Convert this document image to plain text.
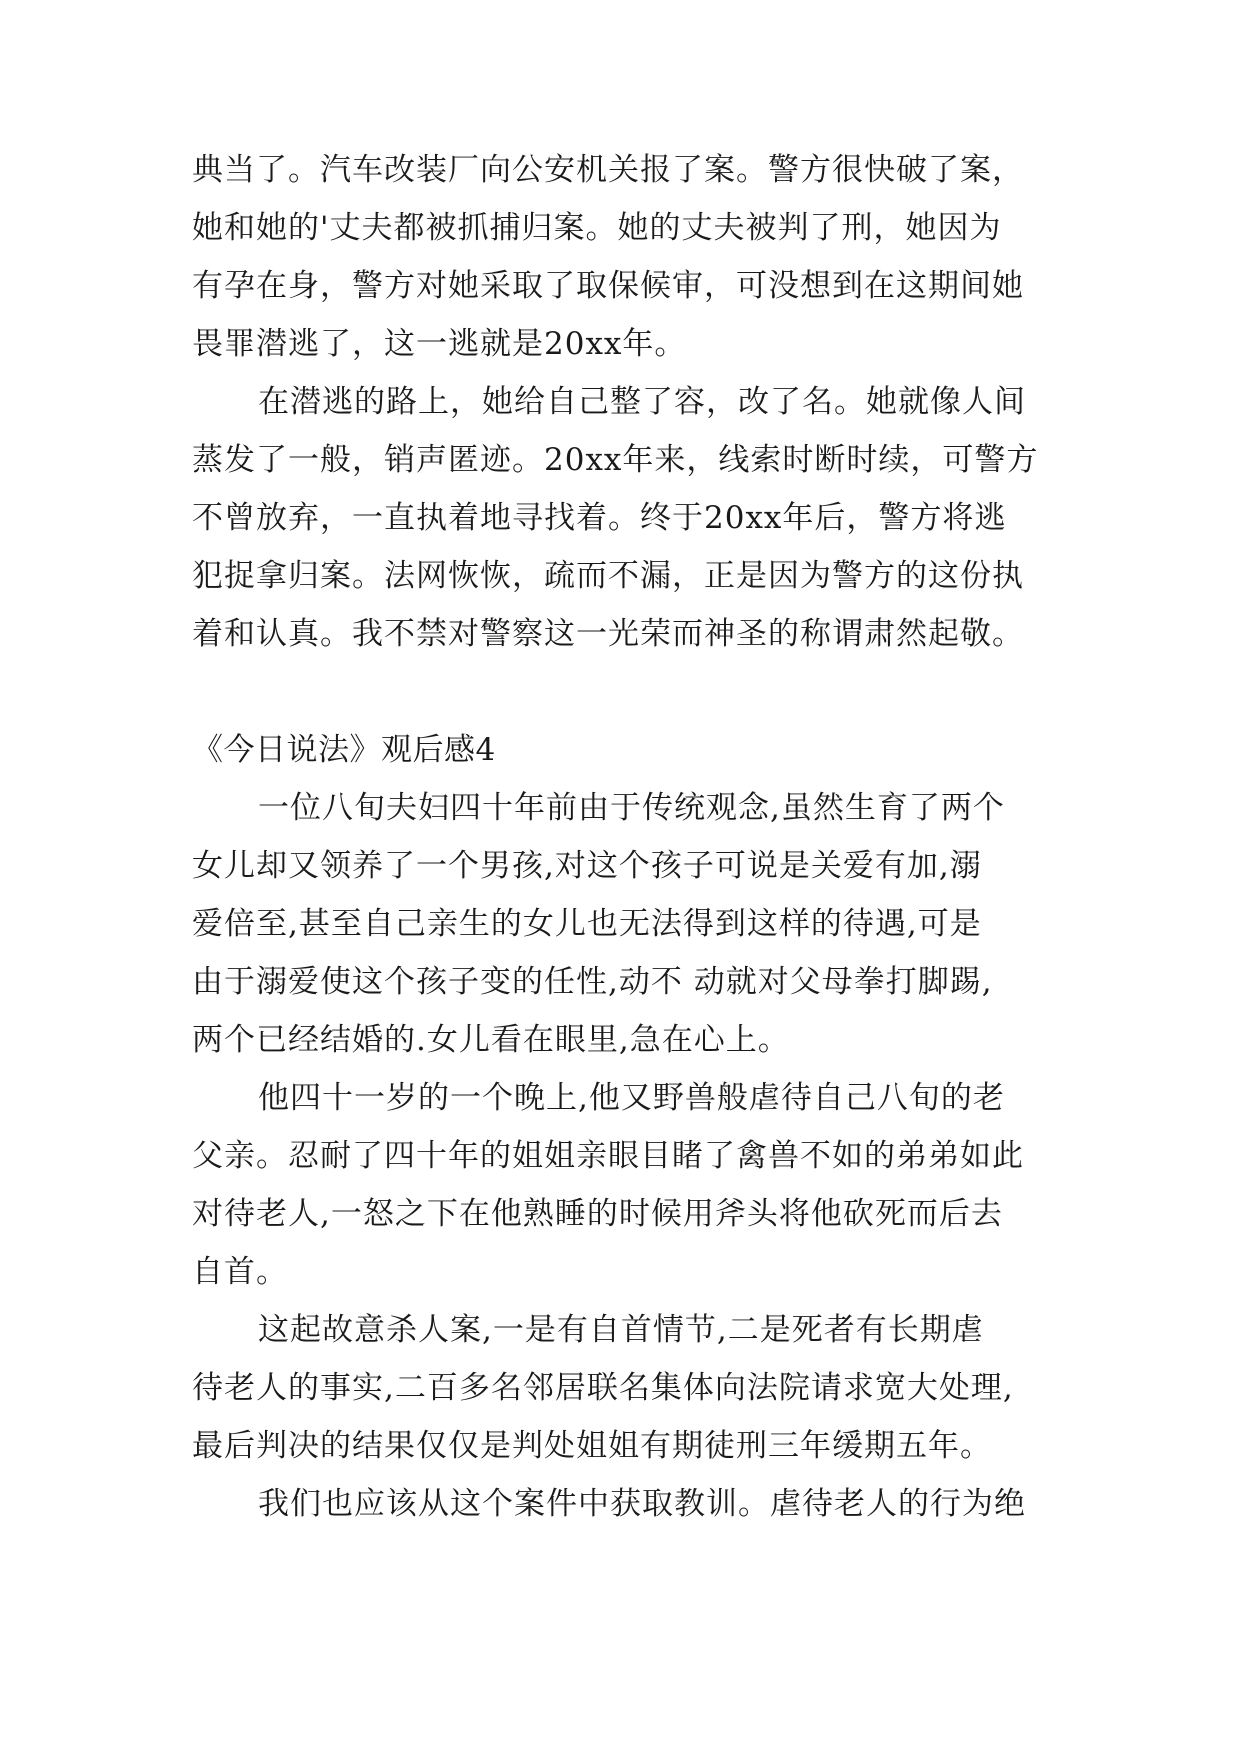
典当了。汽车改装厂向公安机关报了案。警方很快破了案，
她和她的'丈夫都被抓捕归案。她的丈夫被判了刑，她因为
有孕在身，警方对她采取了取保候审，可没想到在这期间她
畏罪潜逃了，这一逃就是20xx年。
在潜逃的路上，她给自己整了容，改了名。她就像人间
蒸发了一般，销声匿迹。20xx年来，线索时断时续，可警方
不曾放弃，一直执着地寻找着。终于20xx年后，警方将逃
犯捉拿归案。法网恢恢，疏而不漏，正是因为警方的这份执
着和认真。我不禁对警察这一光荣而神圣的称谓肃然起敬。
《今日说法》观后感4
一位八旬夫妇四十年前由于传统观念,虽然生育了两个
女儿却又领养了一个男孩,对这个孩子可说是关爱有加,溺
爱倍至,甚至自己亲生的女儿也无法得到这样的待遇,可是
由于溺爱使这个孩子变的任性,动不 动就对父母拳打脚踢,
两个已经结婚的.女儿看在眼里,急在心上。
他四十一岁的一个晚上,他又野兽般虐待自己八旬的老
父亲。忍耐了四十年的姐姐亲眼目睹了禽兽不如的弟弟如此
对待老人,一怒之下在他熟睡的时候用斧头将他砍死而后去
自首。
这起故意杀人案,一是有自首情节,二是死者有长期虐
待老人的事实,二百多名邻居联名集体向法院请求宽大处理,
最后判决的结果仅仅是判处姐姐有期徒刑三年缓期五年。
我们也应该从这个案件中获取教训。虐待老人的行为绝
